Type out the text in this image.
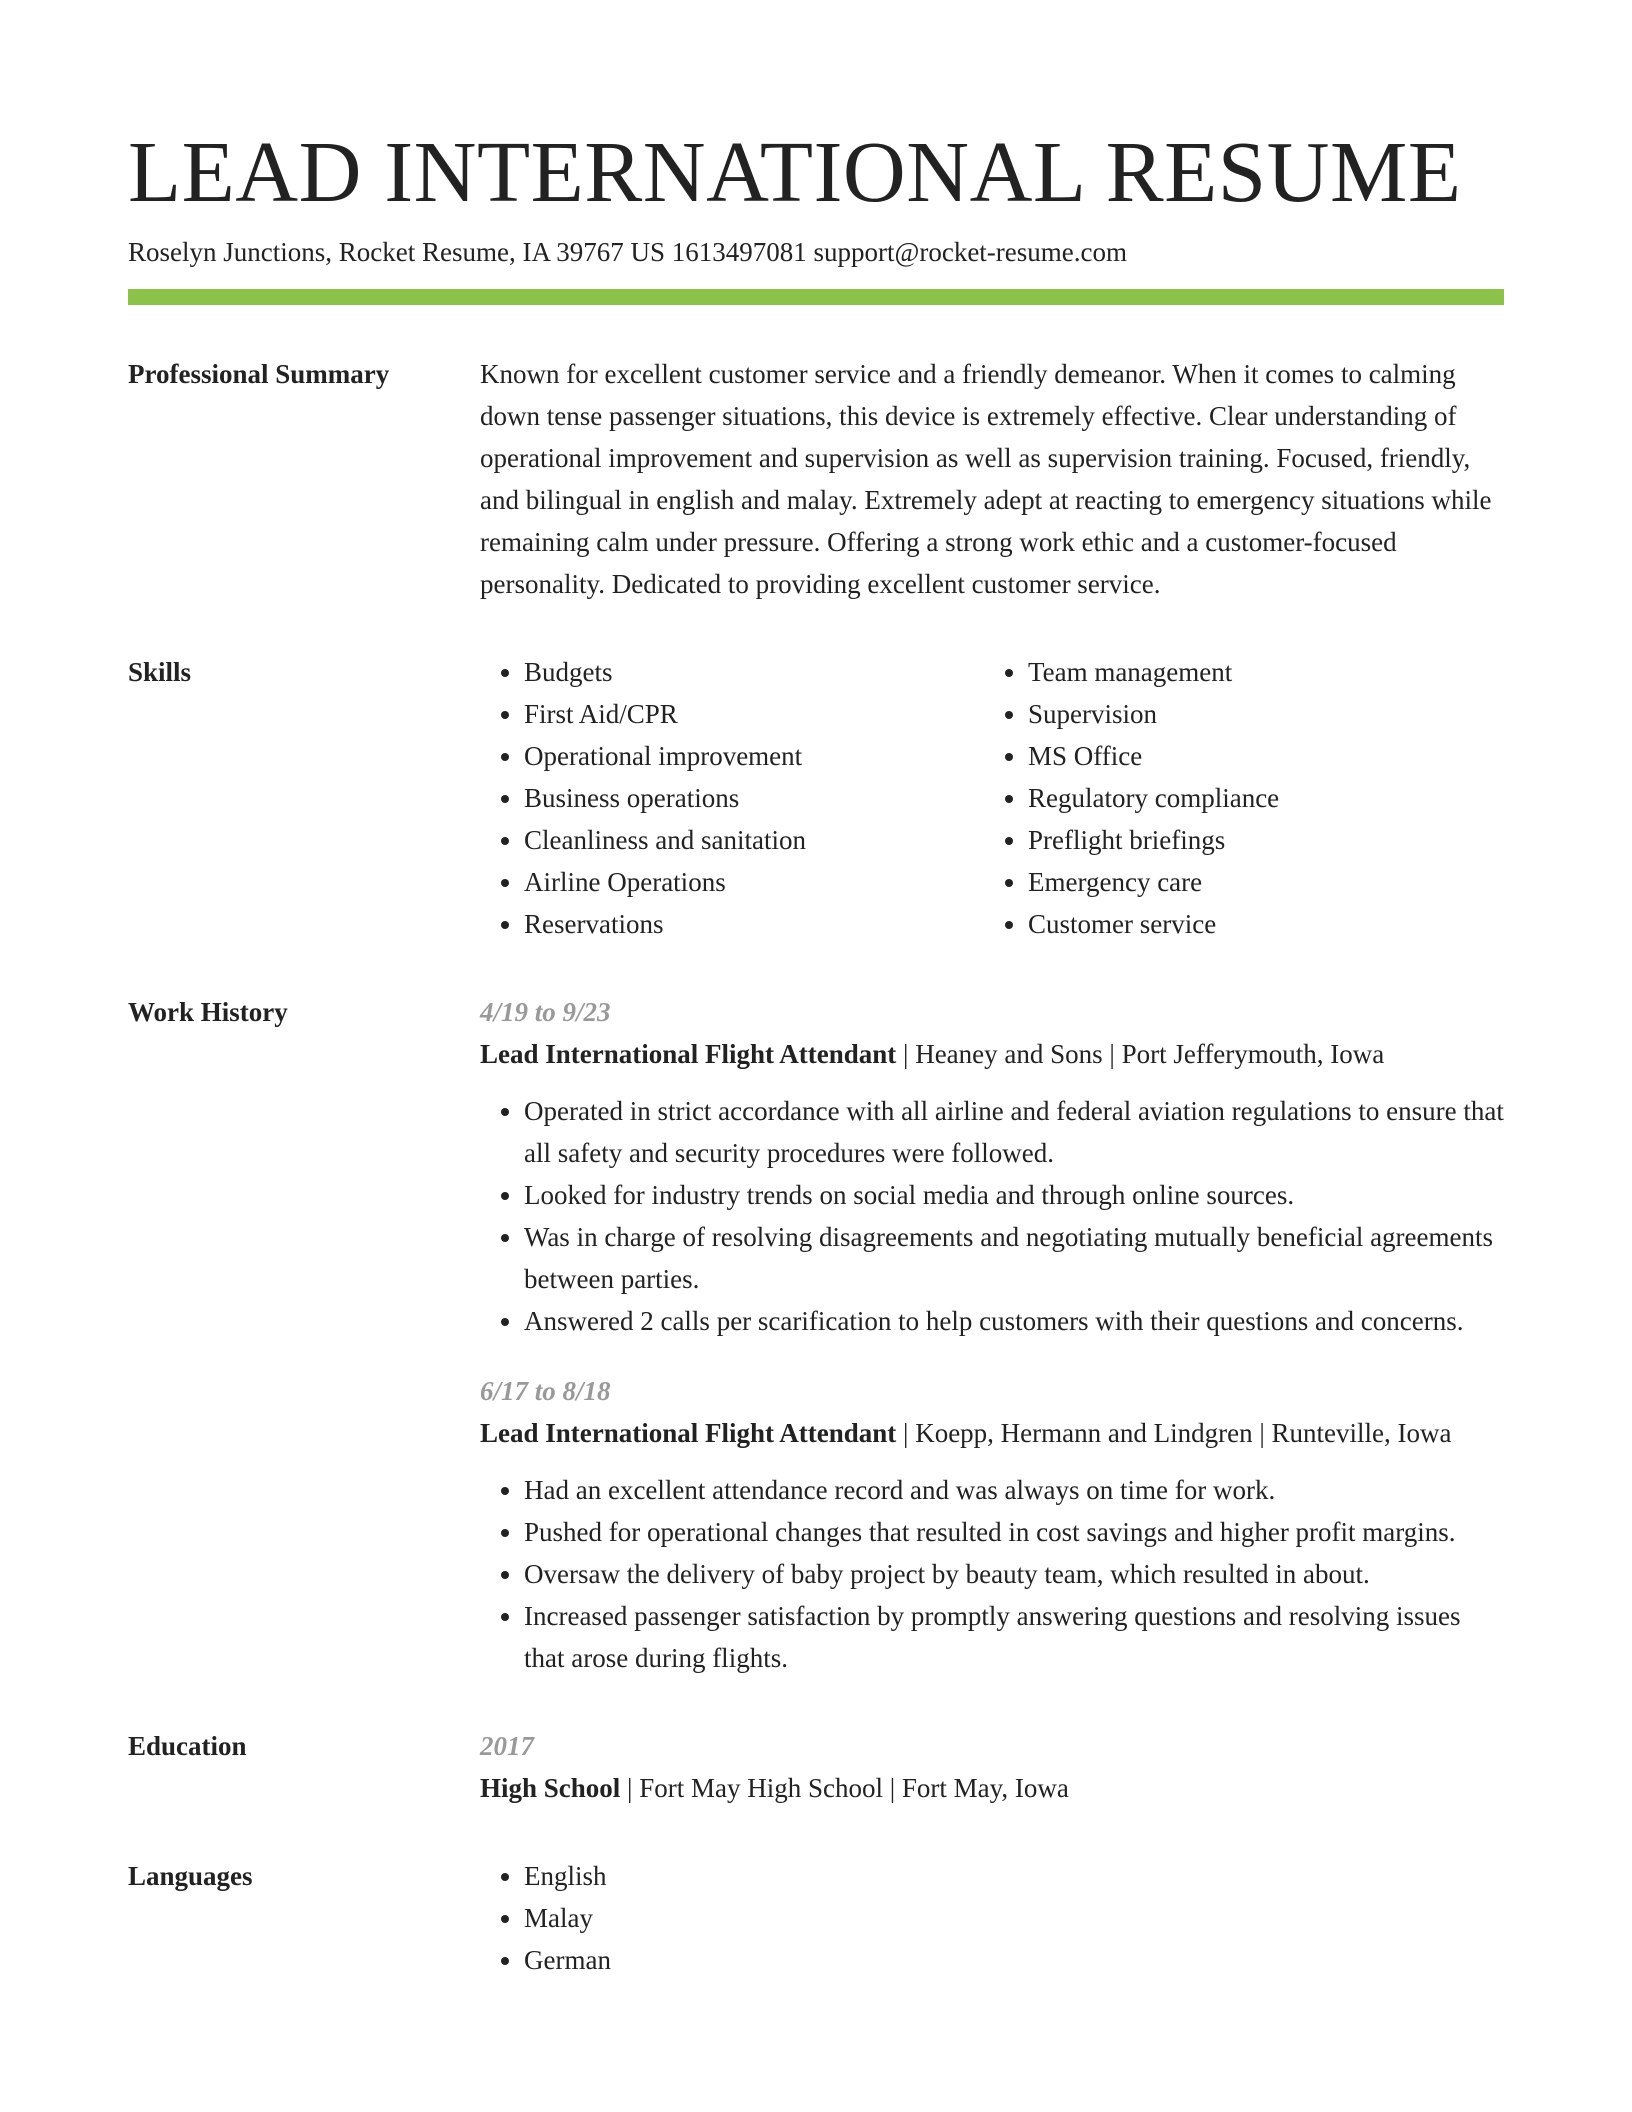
LEAD INTERNATIONAL RESUME
Roselyn Junctions, Rocket Resume, IA 39767 US 1613497081 support@rocket-resume.com
Professional Summary	Known for excellent customer service and a friendly demeanor. When it comes to calming down tense passenger situations, this device is extremely effective. Clear understanding of operational improvement and supervision as well as supervision training. Focused, friendly, and bilingual in english and malay. Extremely adept at reacting to emergency situations while remaining calm under pressure. Offering a strong work ethic and a customer-focused personality. Dedicated to providing excellent customer service.

Skills	• Budgets
• First Aid/CPR
• Operational improvement
• Business operations
• Cleanliness and sanitation
• Airline Operations
• Reservations
• Team management
• Supervision
• MS Office
• Regulatory compliance
• Preflight briefings
• Emergency care
• Customer service
Work History	4/19 to 9/23
Lead International Flight Attendant | Heaney and Sons | Port Jefferymouth, Iowa
• Operated in strict accordance with all airline and federal aviation regulations to ensure that all safety and security procedures were followed.
• Looked for industry trends on social media and through online sources.
• Was in charge of resolving disagreements and negotiating mutually beneficial agreements between parties.
• Answered 2 calls per scarification to help customers with their questions and concerns.
6/17 to 8/18
Lead International Flight Attendant | Koepp, Hermann and Lindgren | Runteville, Iowa
• Had an excellent attendance record and was always on time for work.
• Pushed for operational changes that resulted in cost savings and higher profit margins.
• Oversaw the delivery of baby project by beauty team, which resulted in about.
• Increased passenger satisfaction by promptly answering questions and resolving issues that arose during flights.
Education	2017
High School | Fort May High School | Fort May, Iowa
Languages	• English
• Malay
• German
